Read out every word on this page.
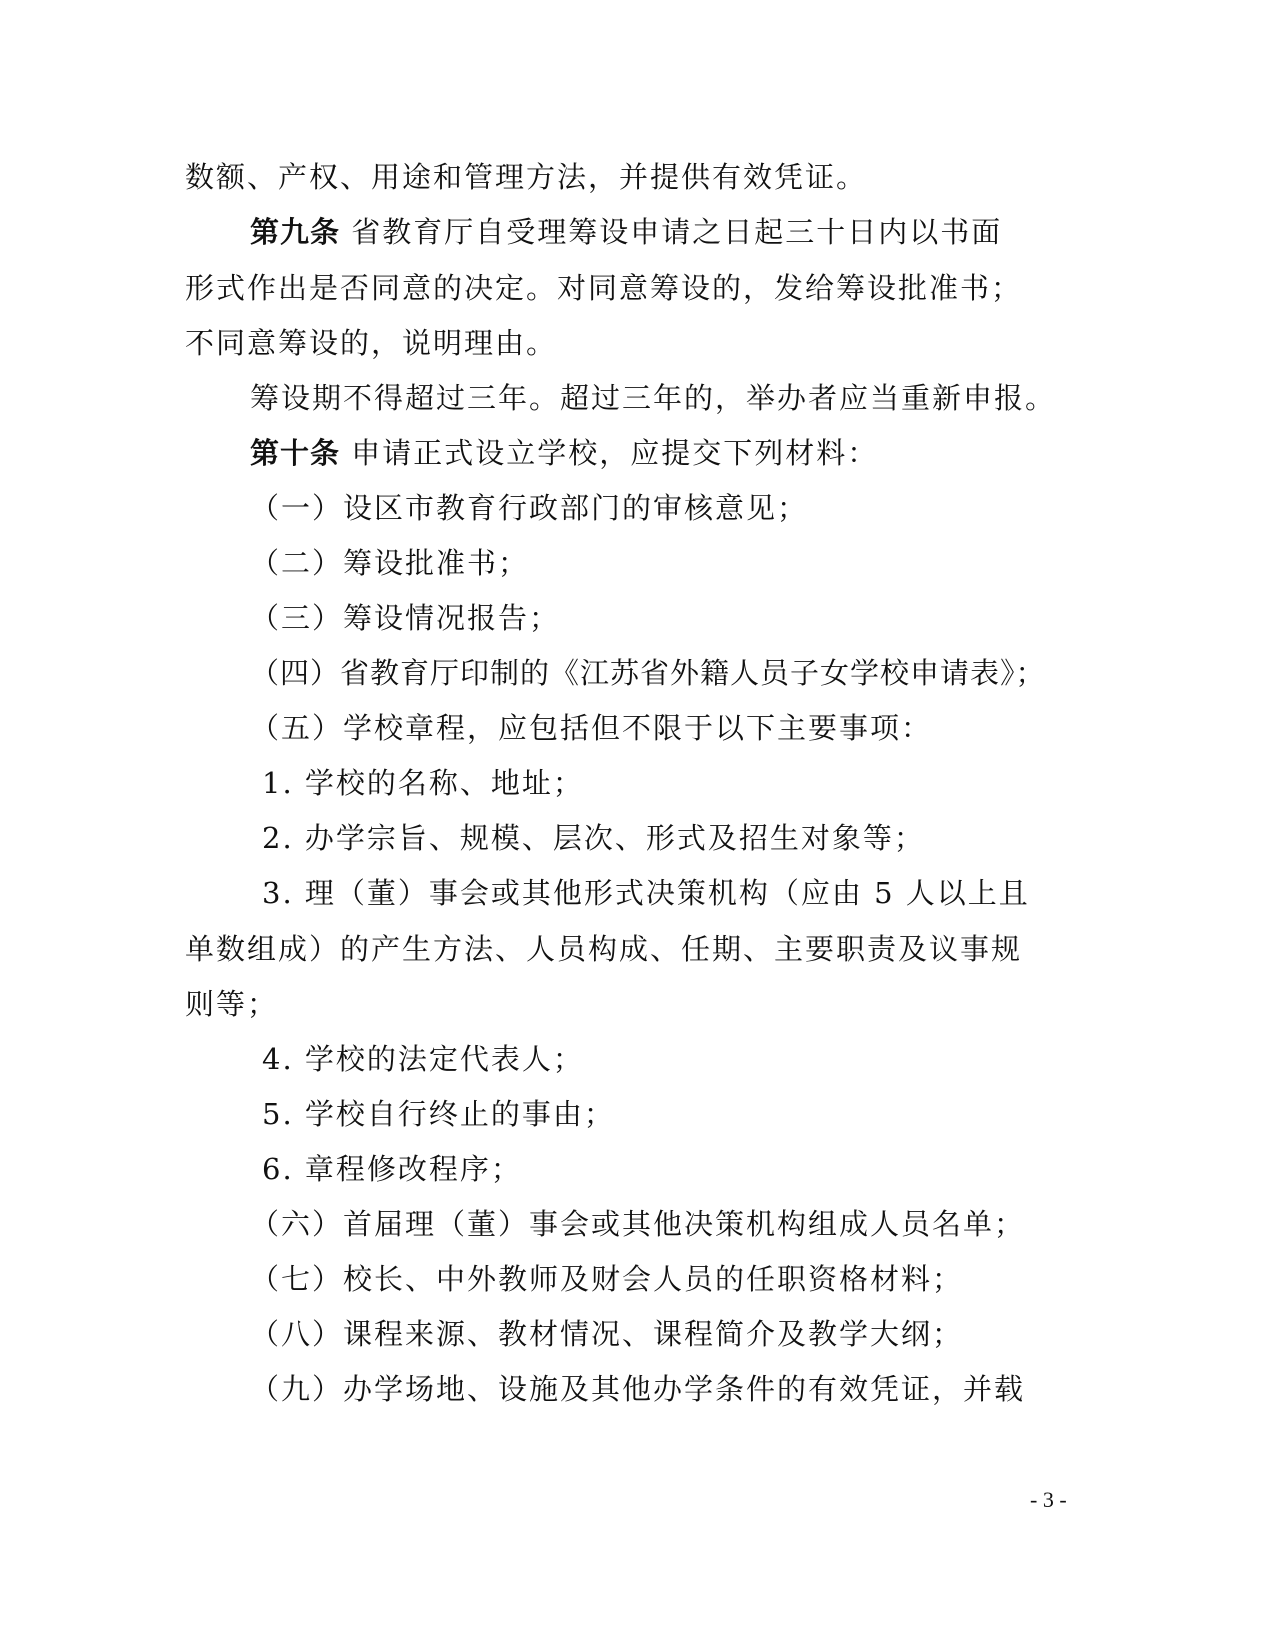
数额、产权、用途和管理方法，并提供有效凭证。
第九条 省教育厅自受理筹设申请之日起三十日内以书面
形式作出是否同意的决定。对同意筹设的，发给筹设批准书；
不同意筹设的，说明理由。
筹设期不得超过三年。超过三年的，举办者应当重新申报。
第十条 申请正式设立学校，应提交下列材料：
（一）设区市教育行政部门的审核意见；
（二）筹设批准书；
（三）筹设情况报告；
（四）省教育厅印制的《江苏省外籍人员子女学校申请表》；
（五）学校章程，应包括但不限于以下主要事项：
1. 学校的名称、地址；
2. 办学宗旨、规模、层次、形式及招生对象等；
3. 理（董）事会或其他形式决策机构（应由 5 人以上且
单数组成）的产生方法、人员构成、任期、主要职责及议事规
则等；
4. 学校的法定代表人；
5. 学校自行终止的事由；
6. 章程修改程序；
（六）首届理（董）事会或其他决策机构组成人员名单；
（七）校长、中外教师及财会人员的任职资格材料；
（八）课程来源、教材情况、课程简介及教学大纲；
（九）办学场地、设施及其他办学条件的有效凭证，并载
- 3 -
